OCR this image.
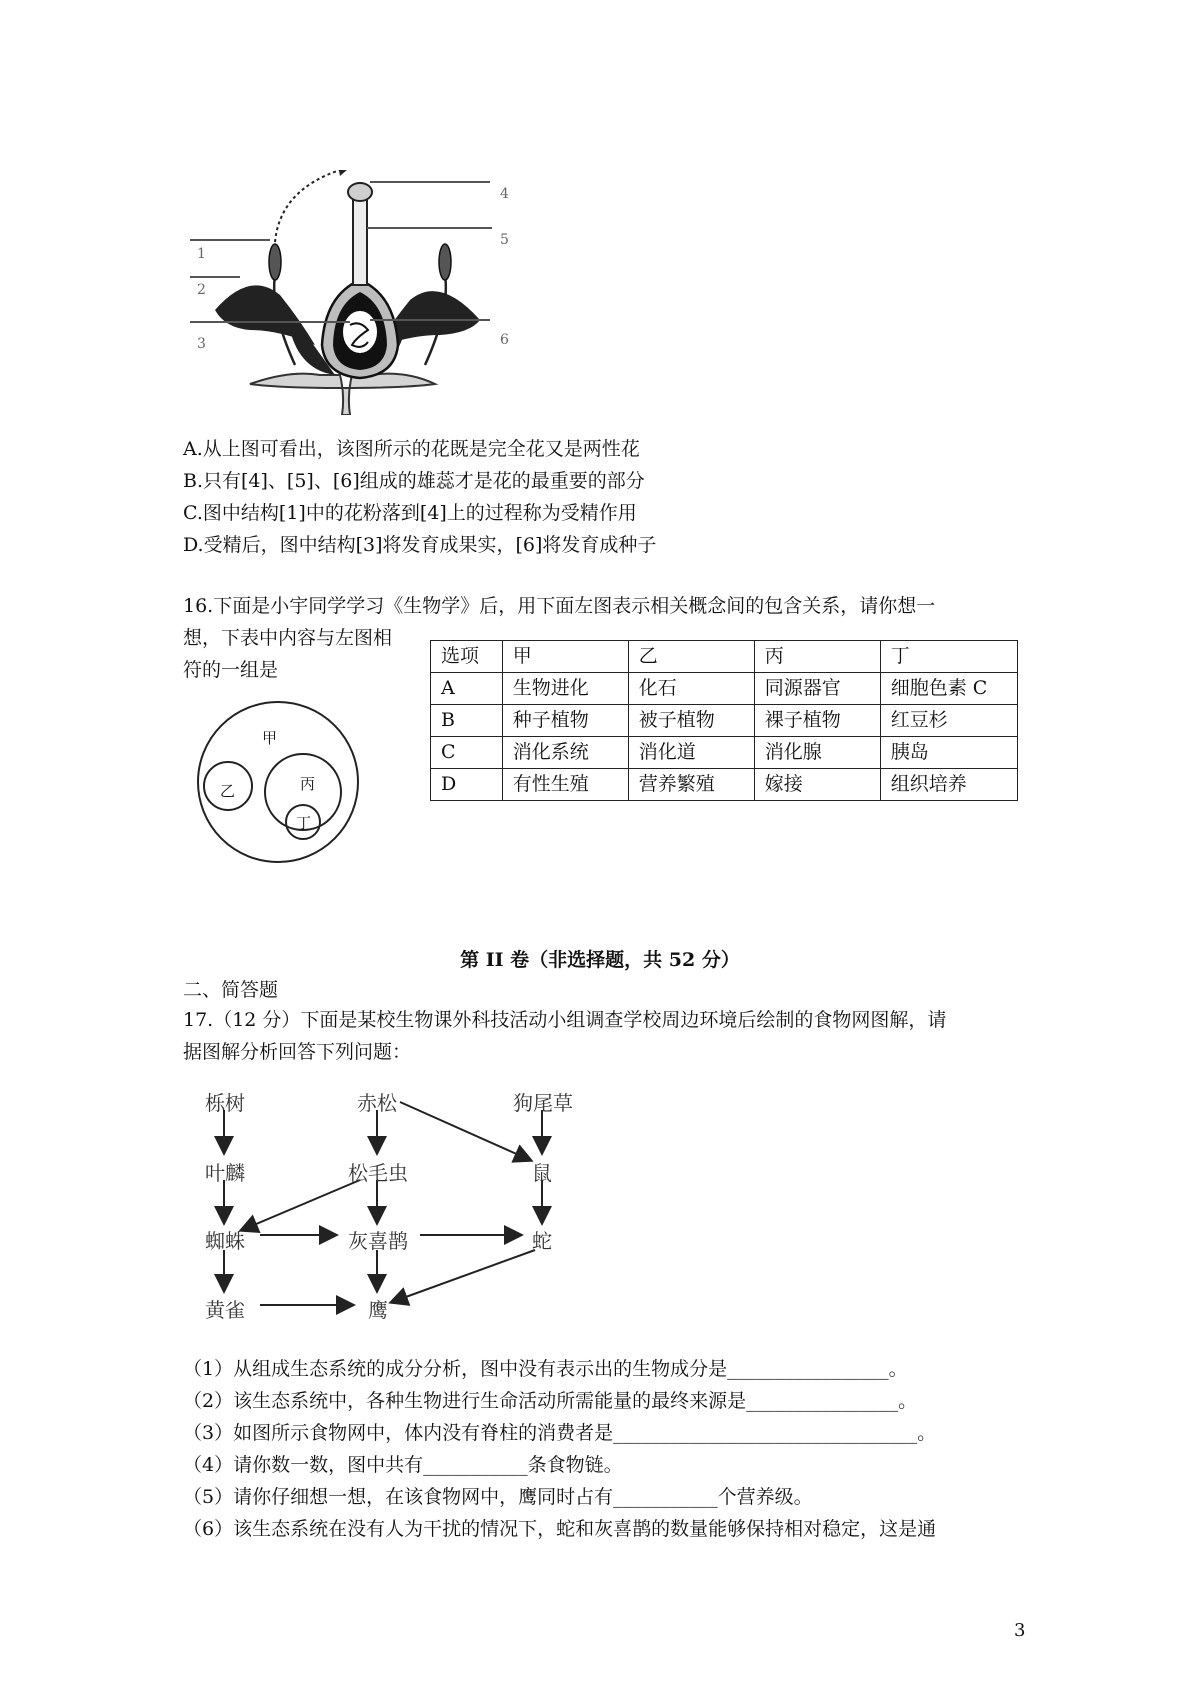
1
2
3
4
5
6
A.从上图可看出，该图所示的花既是完全花又是两性花
B.只有[4]、[5]、[6]组成的雄蕊才是花的最重要的部分
C.图中结构[1]中的花粉落到[4]上的过程称为受精作用
D.受精后，图中结构[3]将发育成果实，[6]将发育成种子
16.下面是小宇同学学习《生物学》后，用下面左图表示相关概念间的包含关系，请你想一
想，下表中内容与左图相
符的一组是
甲
乙	丙
丁
选项	甲	乙	丙	丁
A	生物进化	化石	同源器官	细胞色素 C
B	种子植物	被子植物	裸子植物	红豆杉
C	消化系统	消化道	消化腺	胰岛
D	有性生殖	营养繁殖	嫁接	组织培养
第 II 卷（非选择题，共 52 分）
二、简答题
17.（12 分）下面是某校生物课外科技活动小组调查学校周边环境后绘制的食物网图解，请
据图解分析回答下列问题：
栎树	赤松	狗尾草
叶麟	松毛虫	鼠
蜘蛛	灰喜鹊	蛇
黄雀	鹰
（1）从组成生态系统的成分分析，图中没有表示出的生物成分是_________________。
（2）该生态系统中，各种生物进行生命活动所需能量的最终来源是________________。
（3）如图所示食物网中，体内没有脊柱的消费者是________________________________。
（4）请你数一数，图中共有___________条食物链。
（5）请你仔细想一想，在该食物网中，鹰同时占有___________个营养级。
（6）该生态系统在没有人为干扰的情况下，蛇和灰喜鹊的数量能够保持相对稳定，这是通
3
